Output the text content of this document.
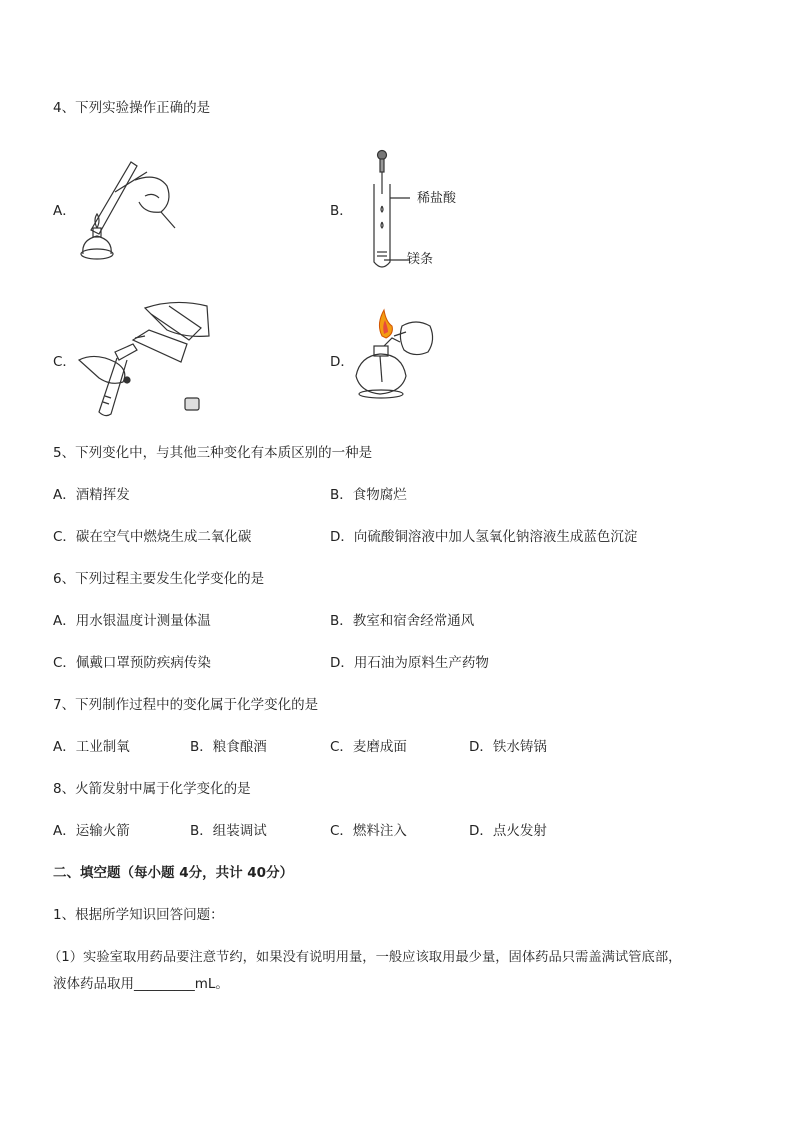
4、下列实验操作正确的是
A．	B．
稀盐酸
镁条
C．	D．
5、下列变化中，与其他三种变化有本质区别的一种是
A．酒精挥发	B．食物腐烂
C．碳在空气中燃烧生成二氧化碳	D．向硫酸铜溶液中加人氢氧化钠溶液生成蓝色沉淀
6、下列过程主要发生化学变化的是
A．用水银温度计测量体温	B．教室和宿舍经常通风
C．佩戴口罩预防疾病传染	D．用石油为原料生产药物
7、下列制作过程中的变化属于化学变化的是
A．工业制氧	B．粮食酿酒	C．麦磨成面	D．铁水铸锅
8、火箭发射中属于化学变化的是
A．运输火箭	B．组装调试	C．燃料注入	D．点火发射
二、填空题（每小题 4分，共计 40分）
1、根据所学知识回答问题：
（1）实验室取用药品要注意节约，如果没有说明用量，一般应该取用最少量，固体药品只需盖满试管底部，
液体药品取用_________mL。
